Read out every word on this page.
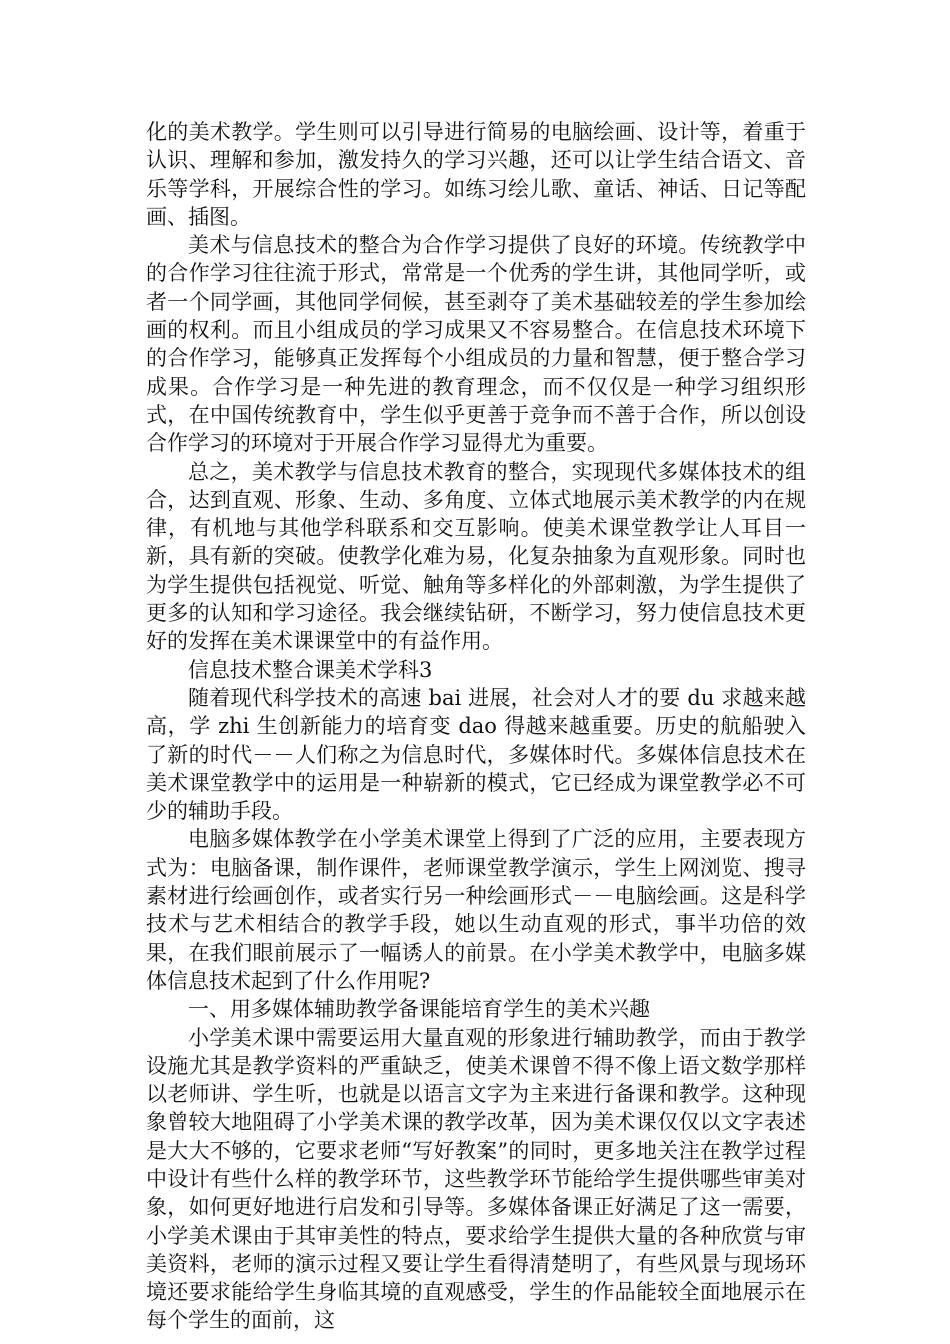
化的美术教学。学生则可以引导进行简易的电脑绘画、设计等，着重于认识、理解和参加，激发持久的学习兴趣，还可以让学生结合语文、音乐等学科，开展综合性的学习。如练习绘儿歌、童话、神话、日记等配画、插图。

美术与信息技术的整合为合作学习提供了良好的环境。传统教学中的合作学习往往流于形式，常常是一个优秀的学生讲，其他同学听，或者一个同学画，其他同学伺候，甚至剥夺了美术基础较差的学生参加绘画的权利。而且小组成员的学习成果又不容易整合。在信息技术环境下的合作学习，能够真正发挥每个小组成员的力量和智慧，便于整合学习成果。合作学习是一种先进的教育理念，而不仅仅是一种学习组织形式，在中国传统教育中，学生似乎更善于竞争而不善于合作，所以创设合作学习的环境对于开展合作学习显得尤为重要。

总之，美术教学与信息技术教育的整合，实现现代多媒体技术的组合，达到直观、形象、生动、多角度、立体式地展示美术教学的内在规律，有机地与其他学科联系和交互影响。使美术课堂教学让人耳目一新，具有新的突破。使教学化难为易，化复杂抽象为直观形象。同时也为学生提供包括视觉、听觉、触角等多样化的外部刺激，为学生提供了更多的认知和学习途径。我会继续钻研，不断学习，努力使信息技术更好的发挥在美术课课堂中的有益作用。

信息技术整合课美术学科3

随着现代科学技术的高速 bai 进展，社会对人才的要 du 求越来越高，学 zhi 生创新能力的培育变 dao 得越来越重要。历史的航船驶入了新的时代－－人们称之为信息时代，多媒体时代。多媒体信息技术在美术课堂教学中的运用是一种崭新的模式，它已经成为课堂教学必不可少的辅助手段。

电脑多媒体教学在小学美术课堂上得到了广泛的应用，主要表现方式为：电脑备课，制作课件，老师课堂教学演示，学生上网浏览、搜寻素材进行绘画创作，或者实行另一种绘画形式－－电脑绘画。这是科学技术与艺术相结合的教学手段，她以生动直观的形式，事半功倍的效果，在我们眼前展示了一幅诱人的前景。在小学美术教学中，电脑多媒体信息技术起到了什么作用呢?

一、用多媒体辅助教学备课能培育学生的美术兴趣

小学美术课中需要运用大量直观的形象进行辅助教学，而由于教学设施尤其是教学资料的严重缺乏，使美术课曾不得不像上语文数学那样以老师讲、学生听，也就是以语言文字为主来进行备课和教学。这种现象曾较大地阻碍了小学美术课的教学改革，因为美术课仅仅以文字表述是大大不够的，它要求老师“写好教案”的同时，更多地关注在教学过程中设计有些什么样的教学环节，这些教学环节能给学生提供哪些审美对象，如何更好地进行启发和引导等。多媒体备课正好满足了这一需要，小学美术课由于其审美性的特点，要求给学生提供大量的各种欣赏与审美资料，老师的演示过程又要让学生看得清楚明了，有些风景与现场环境还要求能给学生身临其境的直观感受，学生的作品能较全面地展示在每个学生的面前，这
